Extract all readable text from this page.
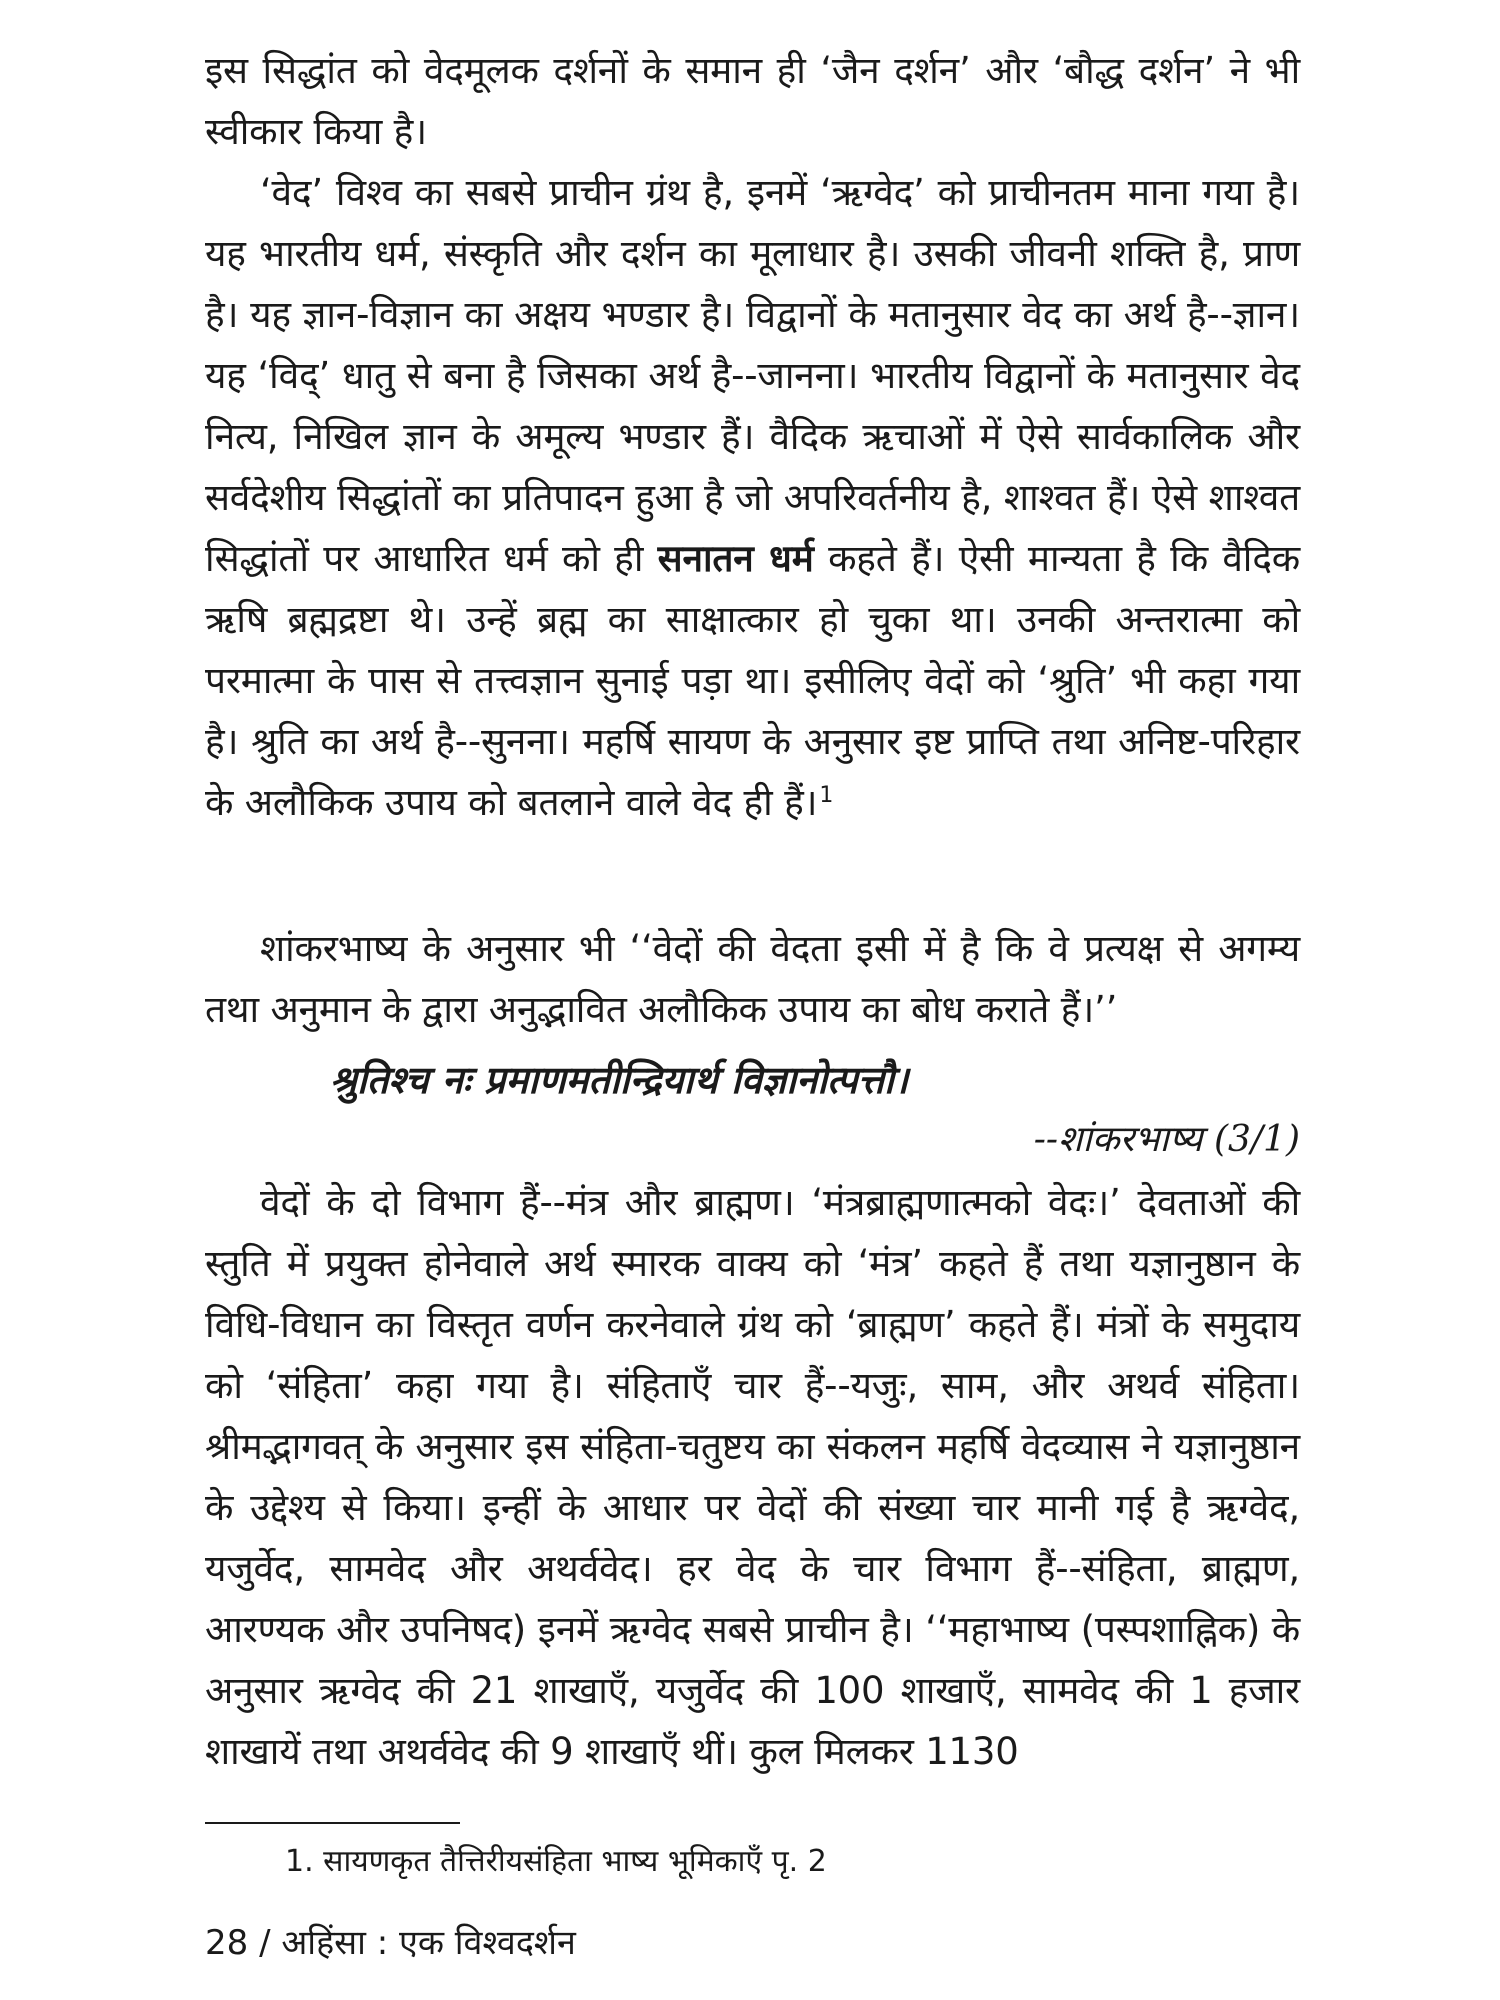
इस सिद्धांत को वेदमूलक दर्शनों के समान ही ‘जैन दर्शन’ और ‘बौद्ध दर्शन’ ने भी स्वीकार किया है।

‘वेद’ विश्व का सबसे प्राचीन ग्रंथ है, इनमें ‘ऋग्वेद’ को प्राचीनतम माना गया है। यह भारतीय धर्म, संस्कृति और दर्शन का मूलाधार है। उसकी जीवनी शक्ति है, प्राण है। यह ज्ञान-विज्ञान का अक्षय भण्डार है। विद्वानों के मतानुसार वेद का अर्थ है--ज्ञान। यह ‘विद्’ धातु से बना है जिसका अर्थ है--जानना। भारतीय विद्वानों के मतानुसार वेद नित्य, निखिल ज्ञान के अमूल्य भण्डार हैं। वैदिक ऋचाओं में ऐसे सार्वकालिक और सर्वदेशीय सिद्धांतों का प्रतिपादन हुआ है जो अपरिवर्तनीय है, शाश्वत हैं। ऐसे शाश्वत सिद्धांतों पर आधारित धर्म को ही सनातन धर्म कहते हैं। ऐसी मान्यता है कि वैदिक ऋषि ब्रह्मद्रष्टा थे। उन्हें ब्रह्म का साक्षात्कार हो चुका था। उनकी अन्तरात्मा को परमात्मा के पास से तत्त्वज्ञान सुनाई पड़ा था। इसीलिए वेदों को ‘श्रुति’ भी कहा गया है। श्रुति का अर्थ है--सुनना। महर्षि सायण के अनुसार इष्ट प्राप्ति तथा अनिष्ट-परिहार के अलौकिक उपाय को बतलाने वाले वेद ही हैं।$^1$

शांकरभाष्य के अनुसार भी ‘‘वेदों की वेदता इसी में है कि वे प्रत्यक्ष से अगम्य तथा अनुमान के द्वारा अनुद्भावित अलौकिक उपाय का बोध कराते हैं।’’

श्रुतिश्च नः प्रमाणमतीन्द्रियार्थ विज्ञानोत्पत्तौ।
--शांकरभाष्य (3/1)

वेदों के दो विभाग हैं--मंत्र और ब्राह्मण। ‘मंत्रब्राह्मणात्मको वेदः।’ देवताओं की स्तुति में प्रयुक्त होनेवाले अर्थ स्मारक वाक्य को ‘मंत्र’ कहते हैं तथा यज्ञानुष्ठान के विधि-विधान का विस्तृत वर्णन करनेवाले ग्रंथ को ‘ब्राह्मण’ कहते हैं। मंत्रों के समुदाय को ‘संहिता’ कहा गया है। संहिताएँ चार हैं--यजुः, साम, और अथर्व संहिता। श्रीमद्भागवत् के अनुसार इस संहिता-चतुष्टय का संकलन महर्षि वेदव्यास ने यज्ञानुष्ठान के उद्देश्य से किया। इन्हीं के आधार पर वेदों की संख्या चार मानी गई है ऋग्वेद, यजुर्वेद, सामवेद और अथर्ववेद। हर वेद के चार विभाग हैं--संहिता, ब्राह्मण, आरण्यक और उपनिषद) इनमें ऋग्वेद सबसे प्राचीन है। ‘‘महाभाष्य (पस्पशाह्निक) के अनुसार ऋग्वेद की 21 शाखाएँ, यजुर्वेद की 100 शाखाएँ, सामवेद की 1 हजार शाखायें तथा अथर्ववेद की 9 शाखाएँ थीं। कुल मिलकर 1130

1. सायणकृत तैत्तिरीयसंहिता भाष्य भूमिकाएँ पृ. 2
28 / अहिंसा : एक विश्वदर्शन
